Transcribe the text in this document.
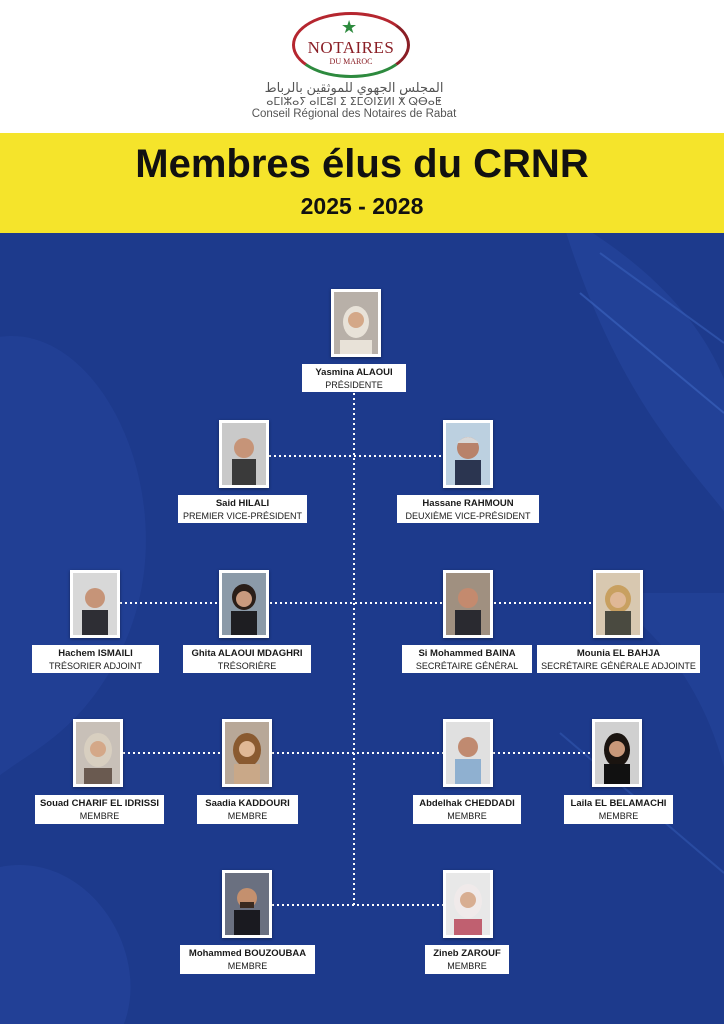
★
NOTAIRES
DU MAROC
المجلس الجهوي للموثقين بالرباط
ⴰⵎⵏⵣⴰⵢ ⴰⵏⵎⵓⵏ ⵉ ⵉⵎⵙⵏⵉⵍⵏ ⵅ ⵕⴱⴰⵟ
Conseil Régional des Notaires de Rabat
Membres élus du CRNR
2025 - 2028
Yasmina ALAOUI
PRÉSIDENTE
Said HILALI
PREMIER VICE-PRÉSIDENT
Hassane RAHMOUN
DEUXIÈME VICE-PRÉSIDENT
Hachem ISMAILI
TRÉSORIER ADJOINT
Ghita ALAOUI MDAGHRI
TRÉSORIÈRE
Si Mohammed BAINA
SECRÉTAIRE GÉNÉRAL
Mounia EL BAHJA
SECRÉTAIRE GÉNÉRALE ADJOINTE
Souad CHARIF EL IDRISSI
MEMBRE
Saadia KADDOURI
MEMBRE
Abdelhak CHEDDADI
MEMBRE
Laila EL BELAMACHI
MEMBRE
Mohammed BOUZOUBAA
MEMBRE
Zineb ZAROUF
MEMBRE
